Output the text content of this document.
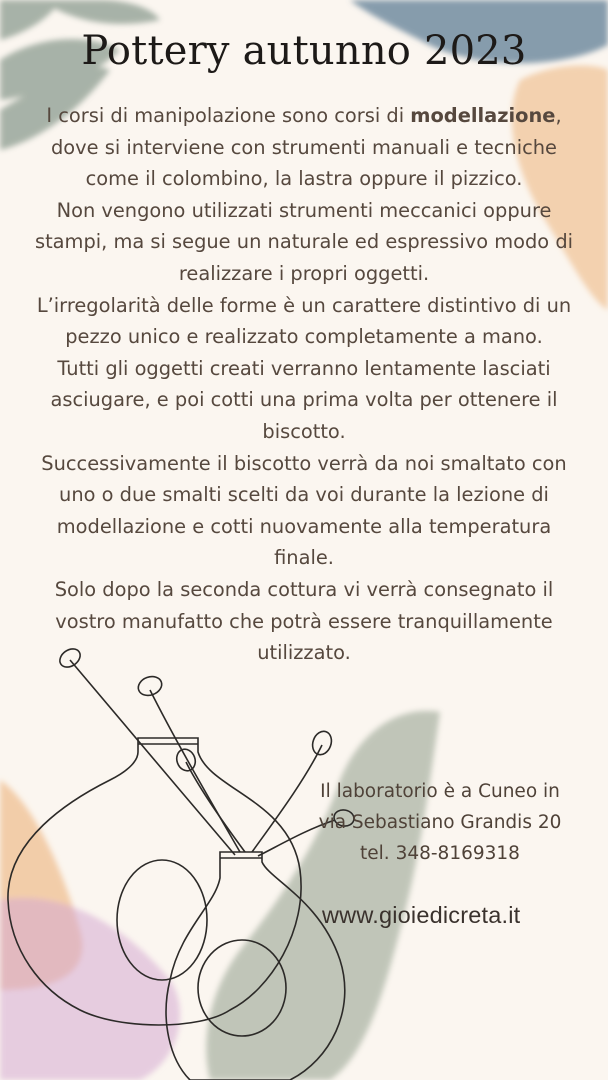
Pottery autunno 2023

I corsi di manipolazione sono corsi di modellazione, dove si interviene con strumenti manuali e tecniche come il colombino, la lastra oppure il pizzico.

Non vengono utilizzati strumenti meccanici oppure stampi, ma si segue un naturale ed espressivo modo di realizzare i propri oggetti.

L’irregolarità delle forme è un carattere distintivo di un pezzo unico e realizzato completamente a mano.

Tutti gli oggetti creati verranno lentamente lasciati asciugare, e poi cotti una prima volta per ottenere il biscotto.

Successivamente il biscotto verrà da noi smaltato con uno o due smalti scelti da voi durante la lezione di modellazione e cotti nuovamente alla temperatura finale.

Solo dopo la seconda cottura vi verrà consegnato il vostro manufatto che potrà essere tranquillamente utilizzato.

Il laboratorio è a Cuneo in
via Sebastiano Grandis 20
tel. 348-8169318
www.gioiedicreta.it
